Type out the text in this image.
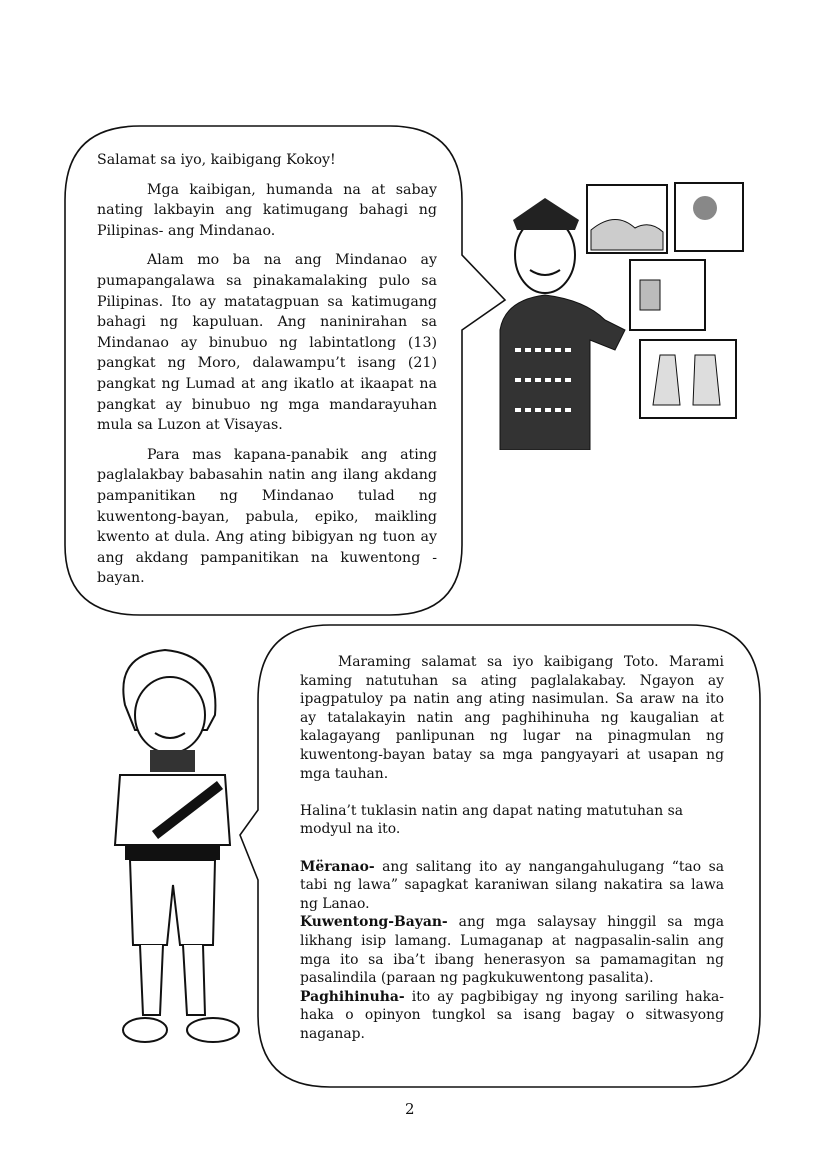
Salamat sa iyo, kaibigang Kokoy!

Mga kaibigan, humanda na at sabay nating lakbayin ang katimugang bahagi ng Pilipinas- ang Mindanao.

Alam mo ba na ang Mindanao ay pumapangalawa sa pinakamalaking pulo sa Pilipinas. Ito ay matatagpuan sa katimugang bahagi ng kapuluan. Ang naninirahan sa Mindanao ay binubuo ng labintatlong (13) pangkat ng Moro, dalawampu’t isang (21) pangkat ng Lumad at ang ikatlo at ikaapat na pangkat ay binubuo ng mga mandarayuhan mula sa Luzon at Visayas.

Para mas kapana-panabik ang ating paglalakbay babasahin natin ang ilang akdang pampanitikan ng Mindanao tulad ng kuwentong-bayan, pabula, epiko, maikling kwento at dula. Ang ating bibigyan ng tuon ay ang akdang pampanitikan na kuwentong - bayan.

Maraming salamat sa iyo kaibigang Toto. Marami kaming natutuhan sa ating paglalakabay. Ngayon ay ipagpatuloy pa natin ang ating nasimulan. Sa araw na ito ay tatalakayin natin ang paghihinuha ng kaugalian at kalagayang panlipunan ng lugar na pinagmulan ng kuwentong-bayan batay sa mga pangyayari at usapan ng mga tauhan.

Halina’t tuklasin natin ang dapat nating matutuhan sa modyul na ito.

Mëranao- ang salitang ito ay nangangahulugang “tao sa tabi ng lawa” sapagkat karaniwan silang nakatira sa lawa ng Lanao.

Kuwentong-Bayan- ang mga salaysay hinggil sa mga likhang isip lamang. Lumaganap at nagpasalin-salin ang mga ito sa iba’t ibang henerasyon sa pamamagitan ng pasalindila (paraan ng pagkukuwentong pasalita).

Paghihinuha- ito ay pagbibigay ng inyong sariling haka-haka o opinyon tungkol sa isang bagay o sitwasyong naganap.

2
